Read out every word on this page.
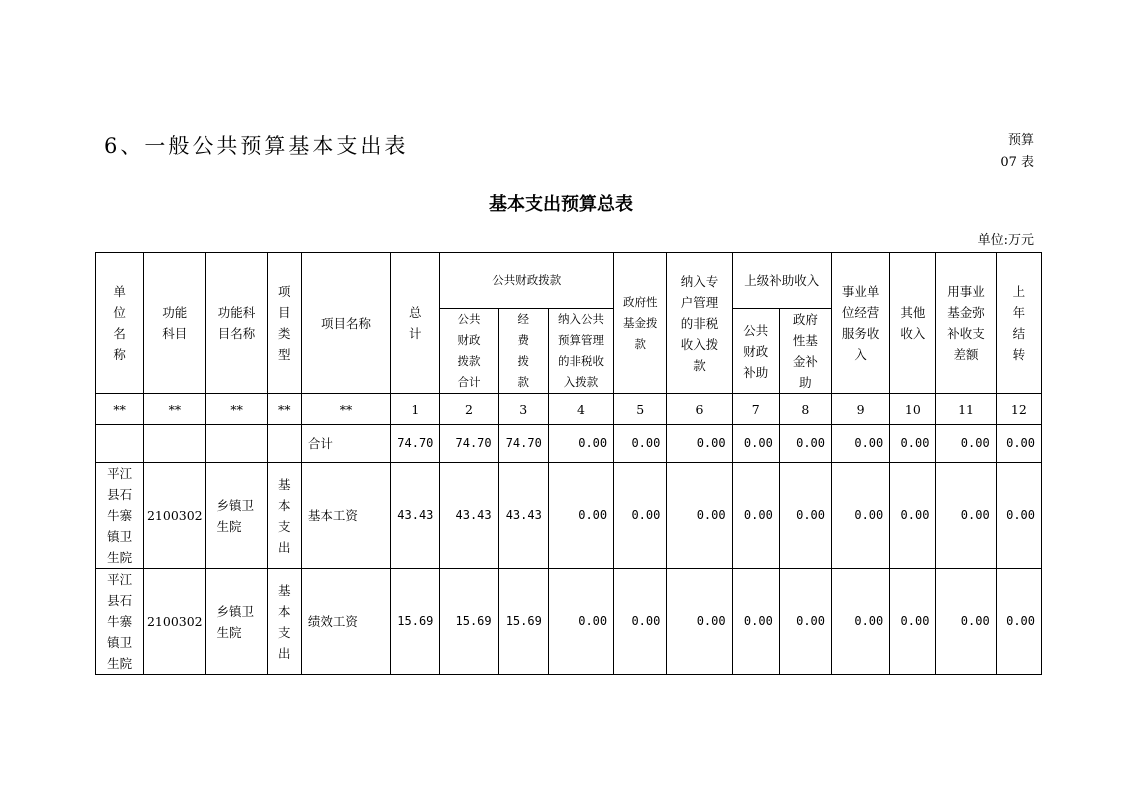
6、一般公共预算基本支出表	预算
07 表
基本支出预算总表
单位:万元
单位名称	功能科目	功能科目名称	项目类型	项目名称	总计	公共财政拨款			政府性基金拨款	纳入专户管理的非税收入拨款	上级补助收入		事业单位经营服务收入	其他收入	用事业基金弥补收支差额	上年结转
						公共财政拨款合计	经费拨款	纳入公共预算管理的非税收入拨款			公共财政补助	政府性基金补助				
**	**	**	**	**	1	2	3	4	5	6	7	8	9	10	11	12
				合计	74.70	74.70	74.70	0.00	0.00	0.00	0.00	0.00	0.00	0.00	0.00	0.00
平江县石牛寨镇卫生院	2100302	乡镇卫生院	基本支出	基本工资	43.43	43.43	43.43	0.00	0.00	0.00	0.00	0.00	0.00	0.00	0.00	0.00
平江县石牛寨镇卫生院	2100302	乡镇卫生院	基本支出	绩效工资	15.69	15.69	15.69	0.00	0.00	0.00	0.00	0.00	0.00	0.00	0.00	0.00
